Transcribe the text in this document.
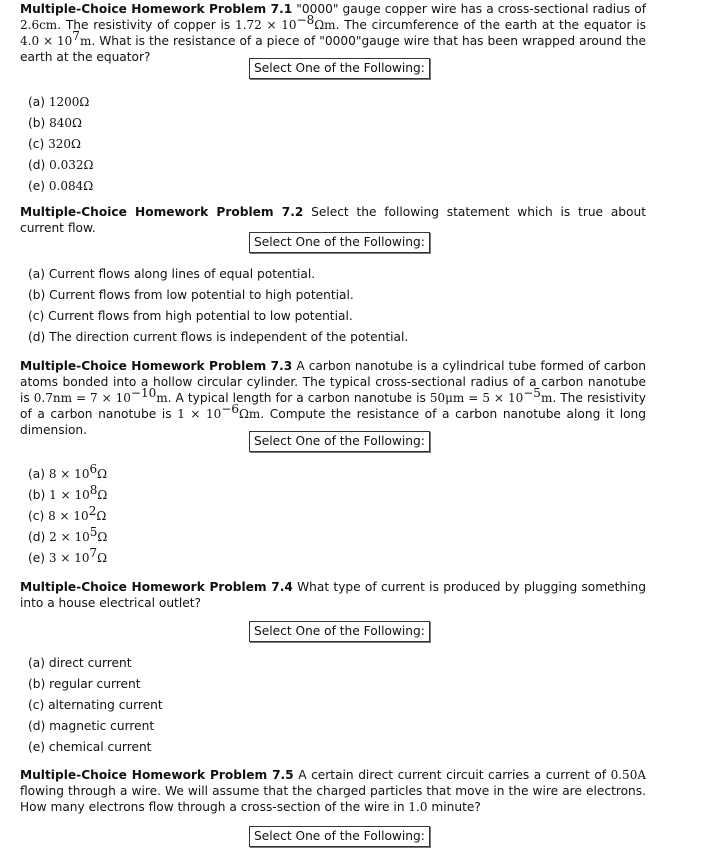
Multiple-Choice Homework Problem 7.1 "0000" gauge copper wire has a cross-sectional radius of 2.6cm. The resistivity of copper is $1.72 \times 10^{-8}\Omega m$. The circumference of the earth at the equator is $4.0 \times 10^7m$. What is the resistance of a piece of "0000"gauge wire that has been wrapped around the earth at the equator?
Select One of the Following:
(a) 1200Ω
(b) 840Ω
(c) 320Ω
(d) 0.032Ω
(e) 0.084Ω
Multiple-Choice Homework Problem 7.2 Select the following statement which is true about current flow.
Select One of the Following:
(a) Current flows along lines of equal potential.
(b) Current flows from low potential to high potential.
(c) Current flows from high potential to low potential.
(d) The direction current flows is independent of the potential.
Multiple-Choice Homework Problem 7.3 A carbon nanotube is a cylindrical tube formed of carbon atoms bonded into a hollow circular cylinder. The typical cross-sectional radius of a carbon nanotube is $0.7nm = 7 \times 10^{-10}m$. A typical length for a carbon nanotube is $50\mu m = 5 \times 10^{-5}m$. The resistivity of a carbon nanotube is $1 \times 10^{-6}\Omega m$. Compute the resistance of a carbon nanotube along it long dimension.
Select One of the Following:
(a) $8 \times 10^6\Omega$
(b) $1 \times 10^8\Omega$
(c) $8 \times 10^2\Omega$
(d) $2 \times 10^5\Omega$
(e) $3 \times 10^7\Omega$
Multiple-Choice Homework Problem 7.4 What type of current is produced by plugging something into a house electrical outlet?
Select One of the Following:
(a) direct current
(b) regular current
(c) alternating current
(d) magnetic current
(e) chemical current
Multiple-Choice Homework Problem 7.5 A certain direct current circuit carries a current of 0.50A flowing through a wire. We will assume that the charged particles that move in the wire are electrons. How many electrons flow through a cross-section of the wire in 1.0 minute?
Select One of the Following:
